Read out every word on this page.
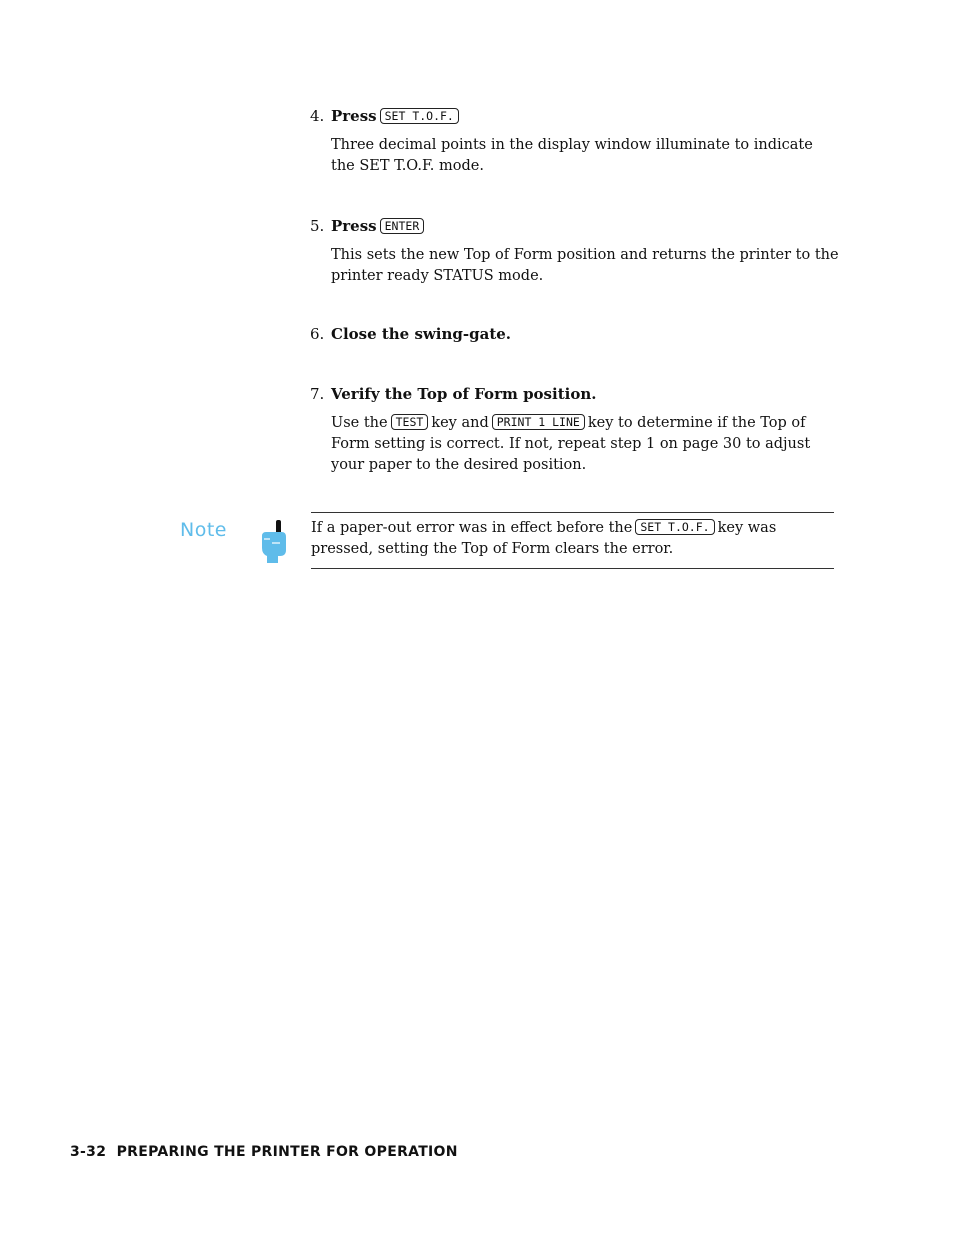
4. Press SET T.O.F.
Three decimal points in the display window illuminate to indicate the SET T.O.F. mode.
5. Press ENTER
This sets the new Top of Form position and returns the printer to the printer ready STATUS mode.
6. Close the swing-gate.
7. Verify the Top of Form position.
Use the TEST key and PRINT 1 LINE key to determine if the Top of Form setting is correct. If not, repeat step 1 on page 30 to adjust your paper to the desired position.
Note	If a paper-out error was in effect before the SET T.O.F. key was pressed, setting the Top of Form clears the error.
3-32 PREPARING THE PRINTER FOR OPERATION
